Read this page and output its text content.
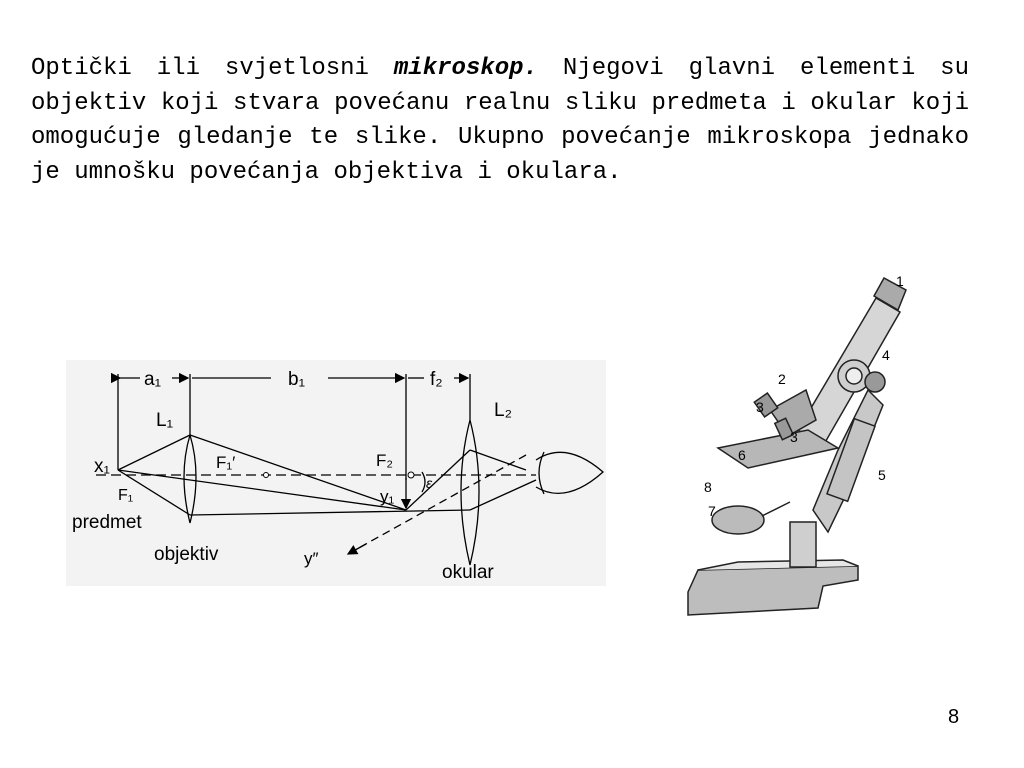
Optički ili svjetlosni mikroskop. Njegovi glavni elementi su objektiv koji stvara povećanu realnu sliku predmeta i okular koji omogućuje gledanje te slike. Ukupno povećanje mikroskopa jednako je umnošku povećanja objektiva i okulara.
a₁	b₁	f₂
L₁	L₂
x₁
F₁
F₁′	F₂
y₁
ε
y″
predmet
objektiv
okular
1
2
3
3
4
5
6
7
8
8
